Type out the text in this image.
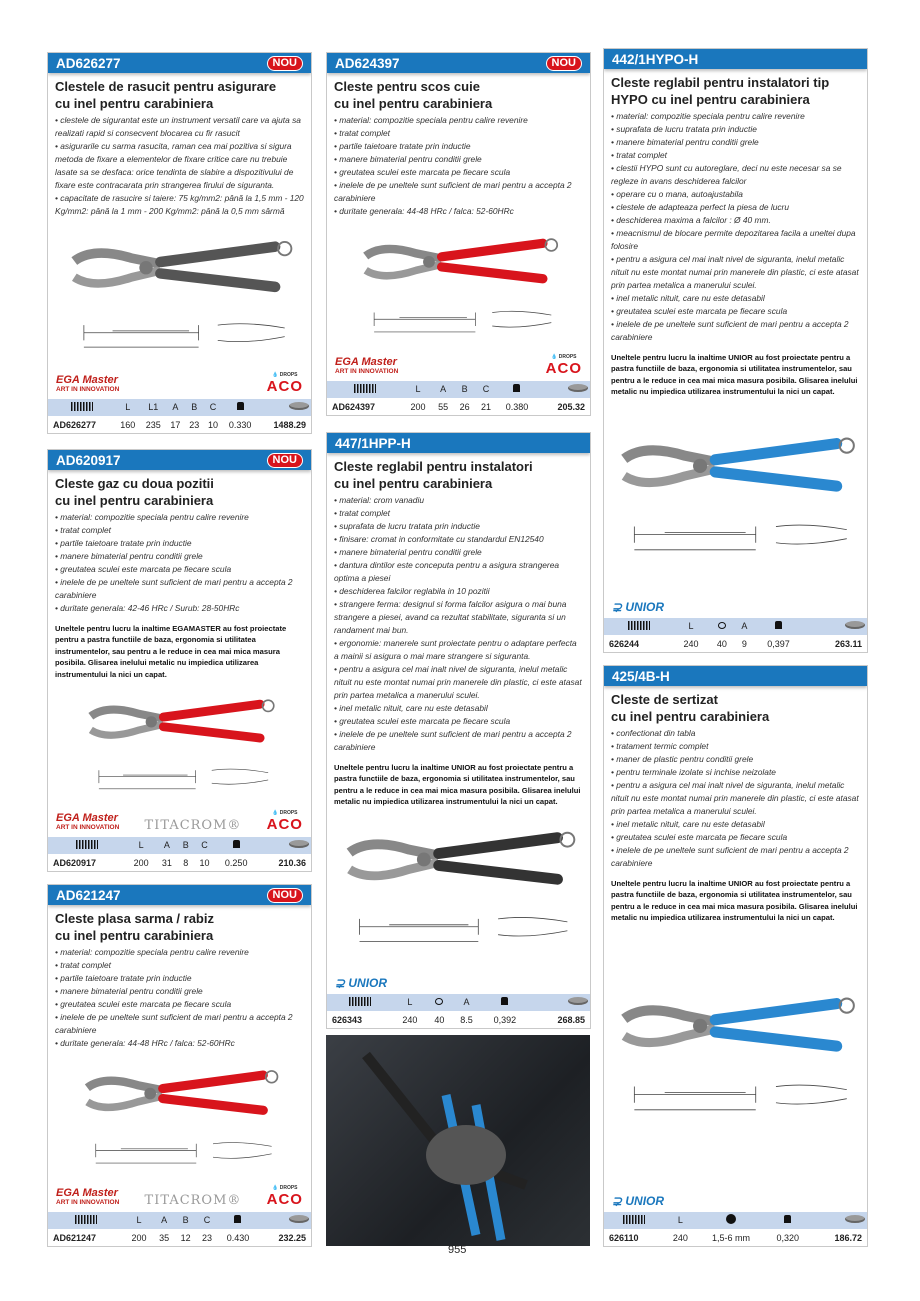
AD626277	NOU
Clestele de rasucit pentru asigurare
cu inel pentru carabiniera
• clestele de sigurantat este un instrument versatil care va ajuta sa realizati rapid si consecvent blocarea cu fir rasucit
• asigurarile cu sarma rasucita, raman cea mai pozitiva si sigura metoda de fixare a elementelor de fixare critice care nu trebuie lasate sa se desfaca: orice tendinta de slabire a dispozitivului de fixare este contracarata prin strangerea firului de siguranta.
• capacitate de rasucire si taiere: 75 kg/mm2: până la 1,5 mm - 120 Kg/mm2: până la 1 mm - 200 Kg/mm2: până la 0,5 mm sârmă
EGA Master
ART IN INNOVATION
💧 DROPS
ACO
	L	L1	A	B	C		
AD626277	160	235	17	23	10	0.330	1488.29
AD620917	NOU
Cleste gaz cu doua pozitii
cu inel pentru carabiniera
• material: compozitie speciala pentru calire revenire
• tratat complet
• partile taietoare tratate prin inductie
• manere bimaterial pentru conditii grele
• greutatea sculei este marcata pe fiecare scula
• inelele de pe uneltele sunt suficient de mari pentru a accepta 2 carabiniere
• duritate generala: 42-46 HRc / Surub: 28-50HRc
Uneltele pentru lucru la inaltime EGAMASTER au fost proiectate pentru a pastra functiile de baza, ergonomia si utilitatea instrumentelor, sau pentru a le reduce in cea mai mica masura posibila. Glisarea inelului metalic nu impiedica utilizarea instrumentului la nici un capat.
EGA Master
ART IN INNOVATION TITACROM®
💧 DROPS
ACO
	L	A	B	C		
AD620917	200	31	8	10	0.250	210.36
AD621247	NOU
Cleste plasa sarma / rabiz
cu inel pentru carabiniera
• material: compozitie speciala pentru calire revenire
• tratat complet
• partile taietoare tratate prin inductie
• manere bimaterial pentru conditii grele
• greutatea sculei este marcata pe fiecare scula
• inelele de pe uneltele sunt suficient de mari pentru a accepta 2 carabiniere
• duritate generala: 44-48 HRc / falca: 52-60HRc
EGA Master
ART IN INNOVATION TITACROM®
💧 DROPS
ACO
	L	A	B	C		
AD621247	200	35	12	23	0.430	232.25
AD624397	NOU
Cleste pentru scos cuie
cu inel pentru carabiniera
• material: compozitie speciala pentru calire revenire
• tratat complet
• partile taietoare tratate prin inductie
• manere bimaterial pentru conditii grele
• greutatea sculei este marcata pe fiecare scula
• inelele de pe uneltele sunt suficient de mari pentru a accepta 2 carabiniere
• duritate generala: 44-48 HRc / falca: 52-60HRc
EGA Master
ART IN INNOVATION
💧 DROPS
ACO
	L	A	B	C		
AD624397	200	55	26	21	0.380	205.32
447/1HPP-H
Cleste reglabil pentru instalatori
cu inel pentru carabiniera
• material: crom vanadiu
• tratat complet
• suprafata de lucru tratata prin inductie
• finisare: cromat in conformitate cu standardul EN12540
• manere bimaterial pentru conditii grele
• dantura dintilor este conceputa pentru a asigura strangerea optima a piesei
• deschiderea falcilor reglabila in 10 pozitii
• strangere ferma: designul si forma falcilor asigura o mai buna strangere a piesei, avand ca rezultat stabilitate, siguranta si un randament mai bun.
• ergonomie: manerele sunt proiectate pentru o adaptare perfecta a mainii si asigura o mai mare strangere si siguranta.
• pentru a asigura cel mai inalt nivel de siguranta, inelul metalic nituit nu este montat numai prin manerele din plastic, ci este atasat prin partea metalica a manerului sculei.
• inel metalic nituit, care nu este detasabil
• greutatea sculei este marcata pe fiecare scula
• inelele de pe uneltele sunt suficient de mari pentru a accepta 2 carabiniere
Uneltele pentru lucru la inaltime UNIOR au fost proiectate pentru a pastra functiile de baza, ergonomia si utilitatea instrumentelor, sau pentru a le reduce in cea mai mica masura posibila. Glisarea inelului metalic nu impiedica utilizarea instrumentului la nici un capat.
⊋ UNIOR
	L		A		
626343	240	40	8.5	0,392	268.85
442/1HYPO-H
Cleste reglabil pentru instalatori tip
HYPO cu inel pentru carabiniera
• material: compozitie speciala pentru calire revenire
• suprafata de lucru tratata prin inductie
• manere bimaterial pentru conditii grele
• tratat complet
• clestii HYPO sunt cu autoreglare, deci nu este necesar sa se regleze in avans deschiderea falcilor
• operare cu o mana, autoajustabila
• clestele de adapteaza perfect la piesa de lucru
• deschiderea maxima a falcilor : Ø 40 mm.
• meacnismul de blocare permite depozitarea facila a uneltei dupa folosire
• pentru a asigura cel mai inalt nivel de siguranta, inelul metalic nituit nu este montat numai prin manerele din plastic, ci este atasat prin partea metalica a manerului sculei.
• inel metalic nituit, care nu este detasabil
• greutatea sculei este marcata pe fiecare scula
• inelele de pe uneltele sunt suficient de mari pentru a accepta 2 carabiniere
Uneltele pentru lucru la inaltime UNIOR au fost proiectate pentru a pastra functiile de baza, ergonomia si utilitatea instrumentelor, sau pentru a le reduce in cea mai mica masura posibila. Glisarea inelului metalic nu impiedica utilizarea instrumentului la nici un capat.
⊋ UNIOR
	L		A		
626244	240	40	9	0,397	263.11
425/4B-H
Cleste de sertizat
cu inel pentru carabiniera
• confectionat din tabla
• tratament termic complet
• maner de plastic pentru conditii grele
• pentru terminale izolate si inchise neizolate
• pentru a asigura cel mai inalt nivel de siguranta, inelul metalic nituit nu este montat numai prin manerele din plastic, ci este atasat prin partea metalica a manerului sculei.
• inel metalic nituit, care nu este detasabil
• greutatea sculei este marcata pe fiecare scula
• inelele de pe uneltele sunt suficient de mari pentru a accepta 2 carabiniere
Uneltele pentru lucru la inaltime UNIOR au fost proiectate pentru a pastra functiile de baza, ergonomia si utilitatea instrumentelor, sau pentru a le reduce in cea mai mica masura posibila. Glisarea inelului metalic nu impiedica utilizarea instrumentului la nici un capat.
⊋ UNIOR
	L			
626110	240	1,5-6 mm	0,320	186.72
955
